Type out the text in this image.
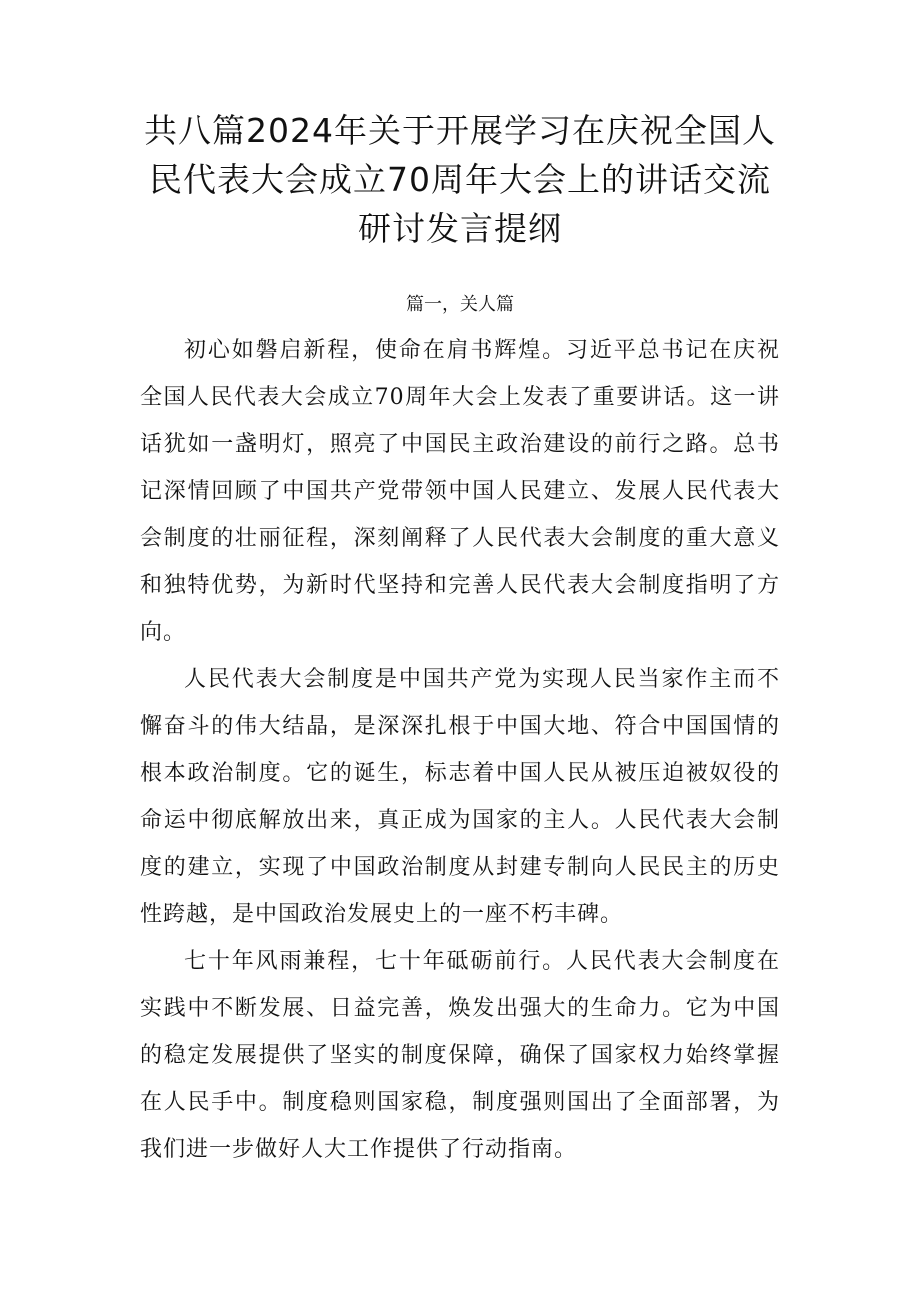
共八篇2024年关于开展学习在庆祝全国人
民代表大会成立70周年大会上的讲话交流
研讨发言提纲
篇一，关人篇

初心如磐启新程，使命在肩书辉煌。习近平总书记在庆祝全国人民代表大会成立70周年大会上发表了重要讲话。这一讲话犹如一盏明灯，照亮了中国民主政治建设的前行之路。总书记深情回顾了中国共产党带领中国人民建立、发展人民代表大会制度的壮丽征程，深刻阐释了人民代表大会制度的重大意义和独特优势，为新时代坚持和完善人民代表大会制度指明了方向。

人民代表大会制度是中国共产党为实现人民当家作主而不懈奋斗的伟大结晶，是深深扎根于中国大地、符合中国国情的根本政治制度。它的诞生，标志着中国人民从被压迫被奴役的命运中彻底解放出来，真正成为国家的主人。人民代表大会制度的建立，实现了中国政治制度从封建专制向人民民主的历史性跨越，是中国政治发展史上的一座不朽丰碑。

七十年风雨兼程，七十年砥砺前行。人民代表大会制度在实践中不断发展、日益完善，焕发出强大的生命力。它为中国的稳定发展提供了坚实的制度保障，确保了国家权力始终掌握在人民手中。制度稳则国家稳，制度强则国出了全面部署，为我们进一步做好人大工作提供了行动指南。
